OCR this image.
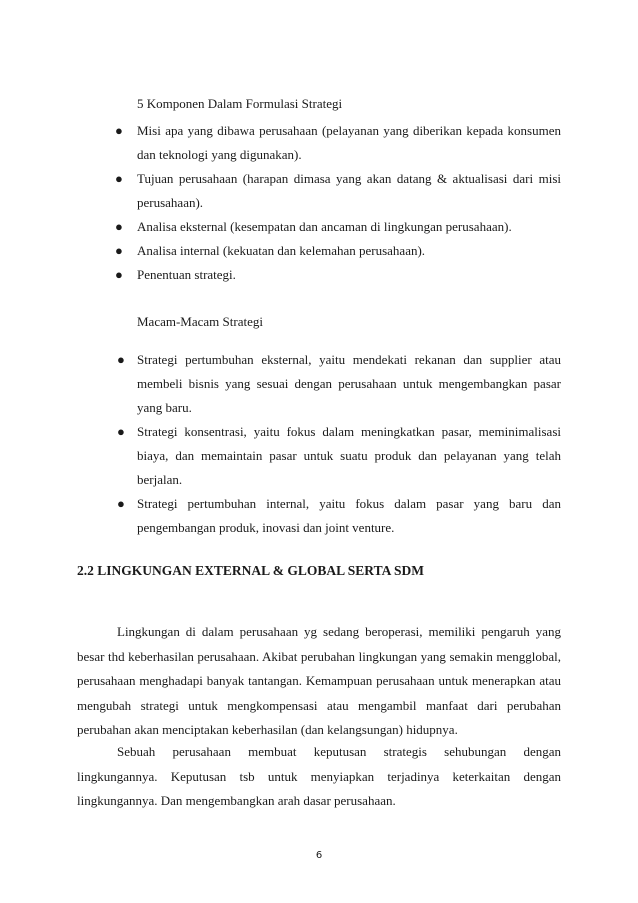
5 Komponen Dalam Formulasi Strategi
● Misi apa yang dibawa perusahaan (pelayanan yang diberikan kepada konsumen dan teknologi yang digunakan).
● Tujuan perusahaan (harapan dimasa yang akan datang & aktualisasi dari misi perusahaan).
● Analisa eksternal (kesempatan dan ancaman di lingkungan perusahaan).
● Analisa internal (kekuatan dan kelemahan perusahaan).
● Penentuan strategi.
Macam-Macam Strategi
● Strategi pertumbuhan eksternal, yaitu mendekati rekanan dan supplier atau membeli bisnis yang sesuai dengan perusahaan untuk mengembangkan pasar yang baru.
● Strategi konsentrasi, yaitu fokus dalam meningkatkan pasar, meminimalisasi biaya, dan memaintain pasar untuk suatu produk dan pelayanan yang telah berjalan.
● Strategi pertumbuhan internal, yaitu fokus dalam pasar yang baru dan pengembangan produk, inovasi dan joint venture.
2.2 LINGKUNGAN EXTERNAL & GLOBAL SERTA SDM

Lingkungan di dalam perusahaan yg sedang beroperasi, memiliki pengaruh yang besar thd keberhasilan perusahaan. Akibat perubahan lingkungan yang semakin mengglobal, perusahaan menghadapi banyak tantangan. Kemampuan perusahaan untuk menerapkan atau mengubah strategi untuk mengkompensasi atau mengambil manfaat dari perubahan perubahan akan menciptakan keberhasilan (dan kelangsungan) hidupnya.

Sebuah perusahaan membuat keputusan strategis sehubungan dengan lingkungannya. Keputusan tsb untuk menyiapkan terjadinya keterkaitan dengan lingkungannya. Dan mengembangkan arah dasar perusahaan.

6
